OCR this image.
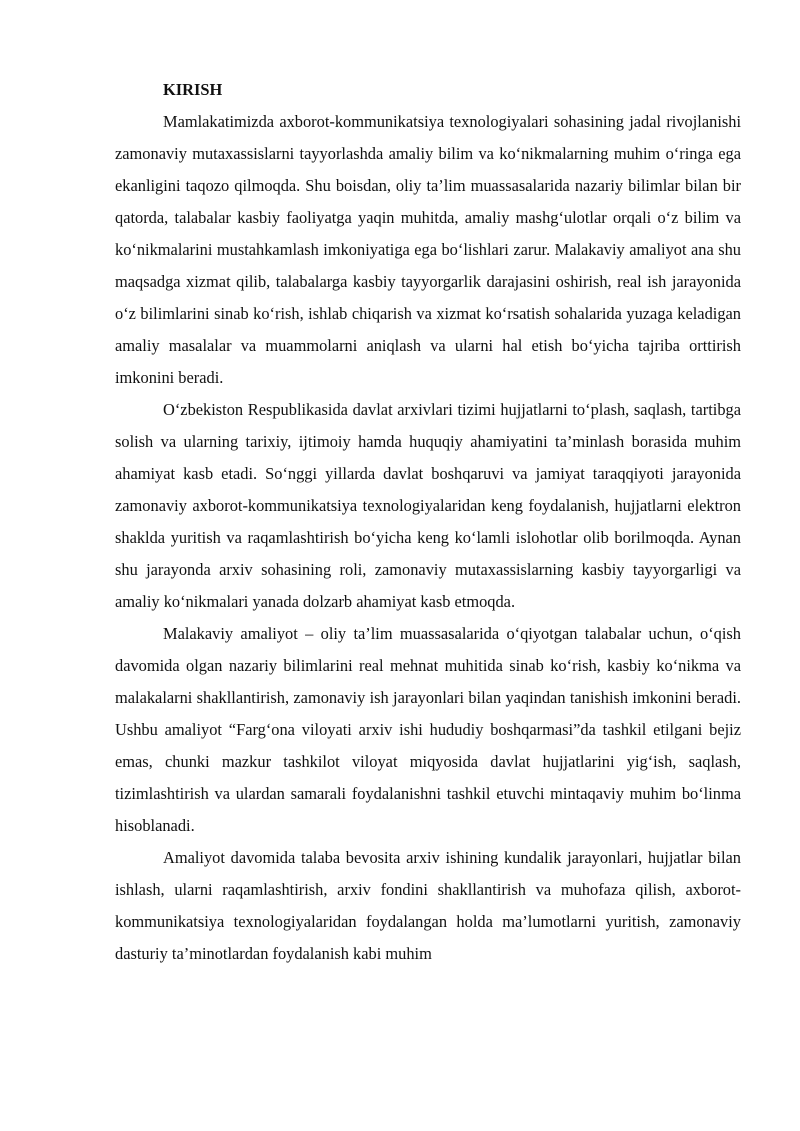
KIRISH

Mamlakatimizda axborot-kommunikatsiya texnologiyalari sohasining jadal rivojlanishi zamonaviy mutaxassislarni tayyorlashda amaliy bilim va ko‘nikmalarning muhim o‘ringa ega ekanligini taqozo qilmoqda. Shu boisdan, oliy ta’lim muassasalarida nazariy bilimlar bilan bir qatorda, talabalar kasbiy faoliyatga yaqin muhitda, amaliy mashg‘ulotlar orqali o‘z bilim va ko‘nikmalarini mustahkamlash imkoniyatiga ega bo‘lishlari zarur. Malakaviy amaliyot ana shu maqsadga xizmat qilib, talabalarga kasbiy tayyorgarlik darajasini oshirish, real ish jarayonida o‘z bilimlarini sinab ko‘rish, ishlab chiqarish va xizmat ko‘rsatish sohalarida yuzaga keladigan amaliy masalalar va muammolarni aniqlash va ularni hal etish bo‘yicha tajriba orttirish imkonini beradi.

O‘zbekiston Respublikasida davlat arxivlari tizimi hujjatlarni to‘plash, saqlash, tartibga solish va ularning tarixiy, ijtimoiy hamda huquqiy ahamiyatini ta’minlash borasida muhim ahamiyat kasb etadi. So‘nggi yillarda davlat boshqaruvi va jamiyat taraqqiyoti jarayonida zamonaviy axborot-kommunikatsiya texnologiyalaridan keng foydalanish, hujjatlarni elektron shaklda yuritish va raqamlashtirish bo‘yicha keng ko‘lamli islohotlar olib borilmoqda. Aynan shu jarayonda arxiv sohasining roli, zamonaviy mutaxassislarning kasbiy tayyorgarligi va amaliy ko‘nikmalari yanada dolzarb ahamiyat kasb etmoqda.

Malakaviy amaliyot – oliy ta’lim muassasalarida o‘qiyotgan talabalar uchun, o‘qish davomida olgan nazariy bilimlarini real mehnat muhitida sinab ko‘rish, kasbiy ko‘nikma va malakalarni shakllantirish, zamonaviy ish jarayonlari bilan yaqindan tanishish imkonini beradi. Ushbu amaliyot “Farg‘ona viloyati arxiv ishi hududiy boshqarmasi”da tashkil etilgani bejiz emas, chunki mazkur tashkilot viloyat miqyosida davlat hujjatlarini yig‘ish, saqlash, tizimlashtirish va ulardan samarali foydalanishni tashkil etuvchi mintaqaviy muhim bo‘linma hisoblanadi.

Amaliyot davomida talaba bevosita arxiv ishining kundalik jarayonlari, hujjatlar bilan ishlash, ularni raqamlashtirish, arxiv fondini shakllantirish va muhofaza qilish, axborot-kommunikatsiya texnologiyalaridan foydalangan holda ma’lumotlarni yuritish, zamonaviy dasturiy ta’minotlardan foydalanish kabi muhim
